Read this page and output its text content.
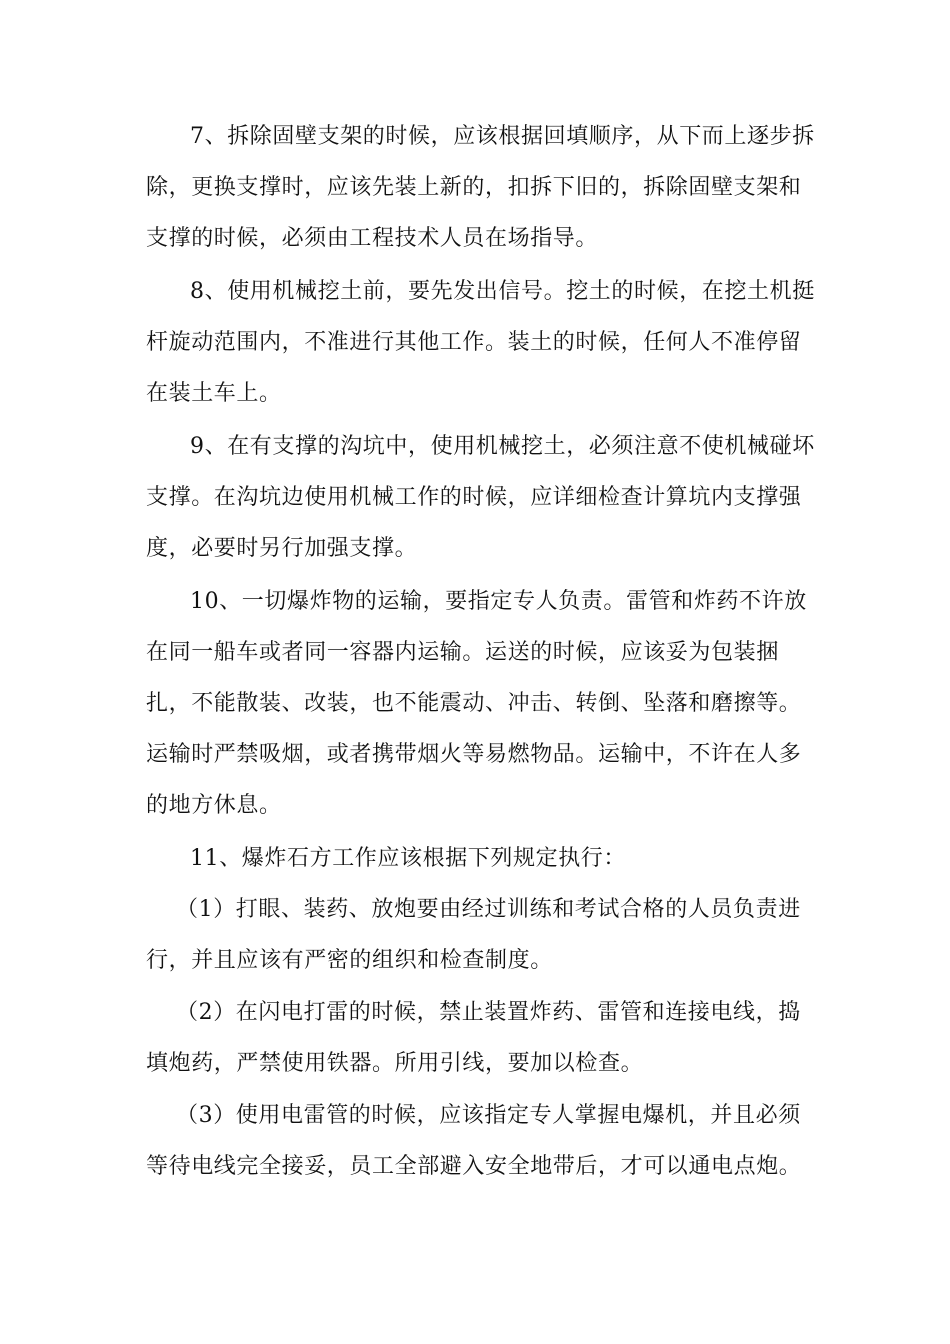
7、拆除固壁支架的时候，应该根据回填顺序，从下而上逐步拆
除，更换支撑时，应该先装上新的，扣拆下旧的，拆除固壁支架和
支撑的时候，必须由工程技术人员在场指导。
8、使用机械挖土前，要先发出信号。挖土的时候，在挖土机挺
杆旋动范围内，不准进行其他工作。装土的时候，任何人不准停留
在装土车上。
9、在有支撑的沟坑中，使用机械挖土，必须注意不使机械碰坏
支撑。在沟坑边使用机械工作的时候，应详细检查计算坑内支撑强
度，必要时另行加强支撑。
10、一切爆炸物的运输，要指定专人负责。雷管和炸药不许放
在同一船车或者同一容器内运输。运送的时候，应该妥为包装捆
扎，不能散装、改装，也不能震动、冲击、转倒、坠落和磨擦等。
运输时严禁吸烟，或者携带烟火等易燃物品。运输中，不许在人多
的地方休息。
11、爆炸石方工作应该根据下列规定执行：
（1）打眼、装药、放炮要由经过训练和考试合格的人员负责进
行，并且应该有严密的组织和检查制度。
（2）在闪电打雷的时候，禁止装置炸药、雷管和连接电线，捣
填炮药，严禁使用铁器。所用引线，要加以检查。
（3）使用电雷管的时候，应该指定专人掌握电爆机，并且必须
等待电线完全接妥，员工全部避入安全地带后，才可以通电点炮。
